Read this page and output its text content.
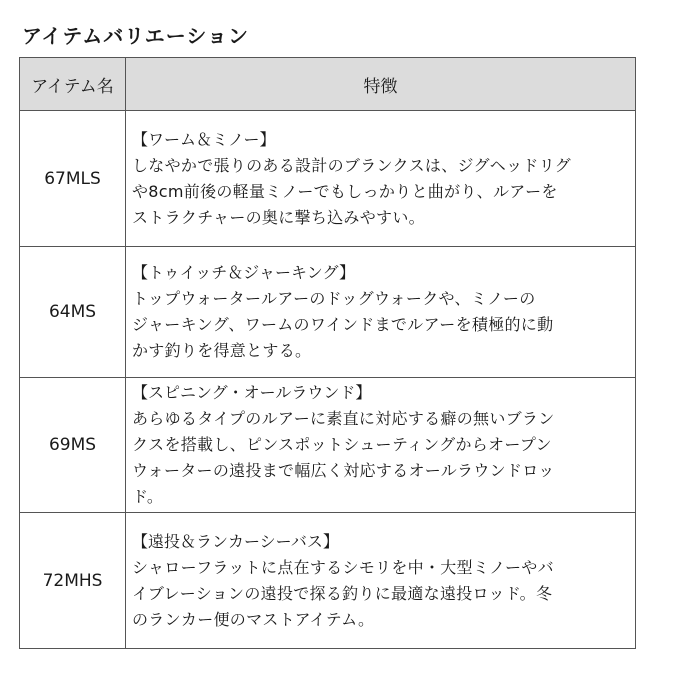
アイテムバリエーション
アイテム名	特徴
67MLS	【ワーム＆ミノー】
しなやかで張りのある設計のブランクスは、ジグヘッドリグ
や8cm前後の軽量ミノーでもしっかりと曲がり、ルアーを
ストラクチャーの奥に撃ち込みやすい。

64MS	【トゥイッチ＆ジャーキング】
トップウォータールアーのドッグウォークや、ミノーの
ジャーキング、ワームのワインドまでルアーを積極的に動
かす釣りを得意とする。

69MS	【スピニング・オールラウンド】
あらゆるタイプのルアーに素直に対応する癖の無いブラン
クスを搭載し、ピンスポットシューティングからオープン
ウォーターの遠投まで幅広く対応するオールラウンドロッ
ド。

72MHS	【遠投＆ランカーシーバス】
シャローフラットに点在するシモリを中・大型ミノーやバ
イブレーションの遠投で探る釣りに最適な遠投ロッド。冬
のランカー便のマストアイテム。
